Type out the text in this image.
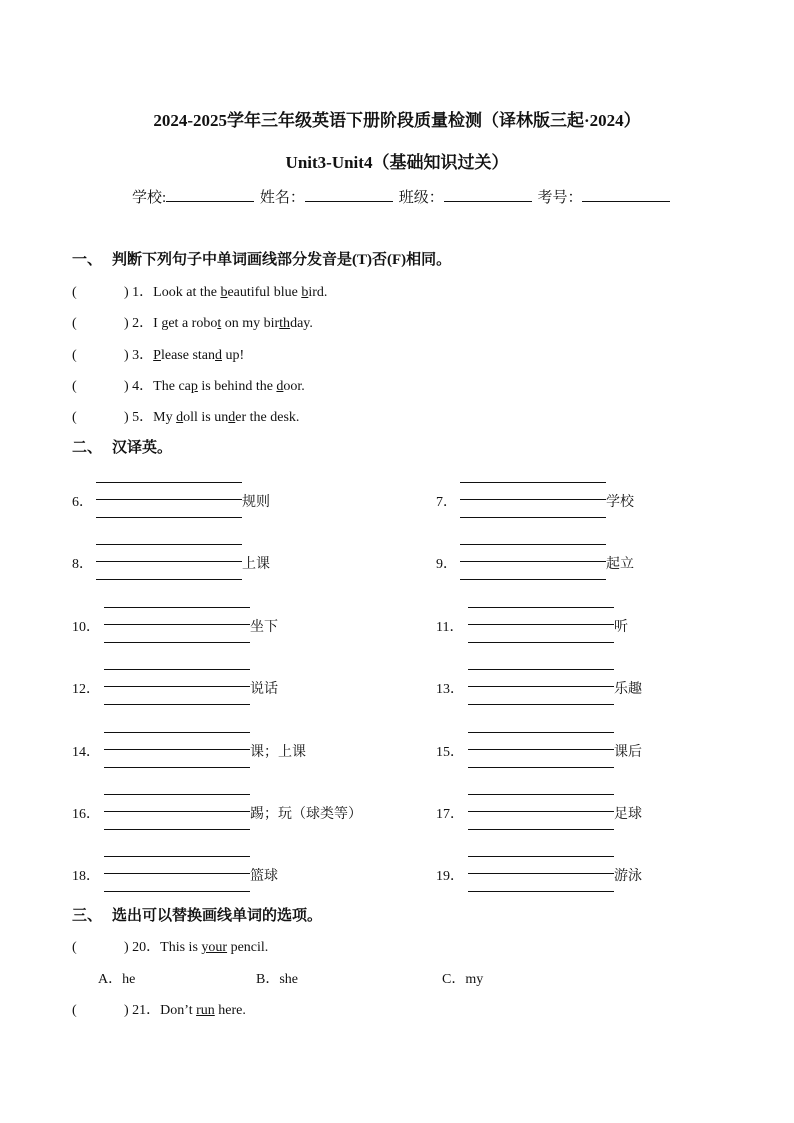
2024-2025学年三年级英语下册阶段质量检测（译林版三起·2024）
Unit3-Unit4（基础知识过关）
学校:	姓名：	班级：	考号：
一、 判断下列句子中单词画线部分发音是(T)否(F)相同。
(	) 1．Look at the beautiful blue bird.
(	) 2．I get a robot on my birthday.
(	) 3．Please stand up!
(	) 4．The cap is behind the door.
(	) 5．My doll is under the desk.
二、 汉译英。
6．	规则	7．	学校
8．	上课	9．	起立
10．	坐下	11．	听
12．	说话	13．	乐趣
14．	课；上课	15．	课后
16．	踢；玩（球类等）	17．	足球
18．	篮球	19．	游泳
三、 选出可以替换画线单词的选项。
(	) 20．This is your pencil.
A．he	B．she	C．my
(	) 21．Don’t run here.
